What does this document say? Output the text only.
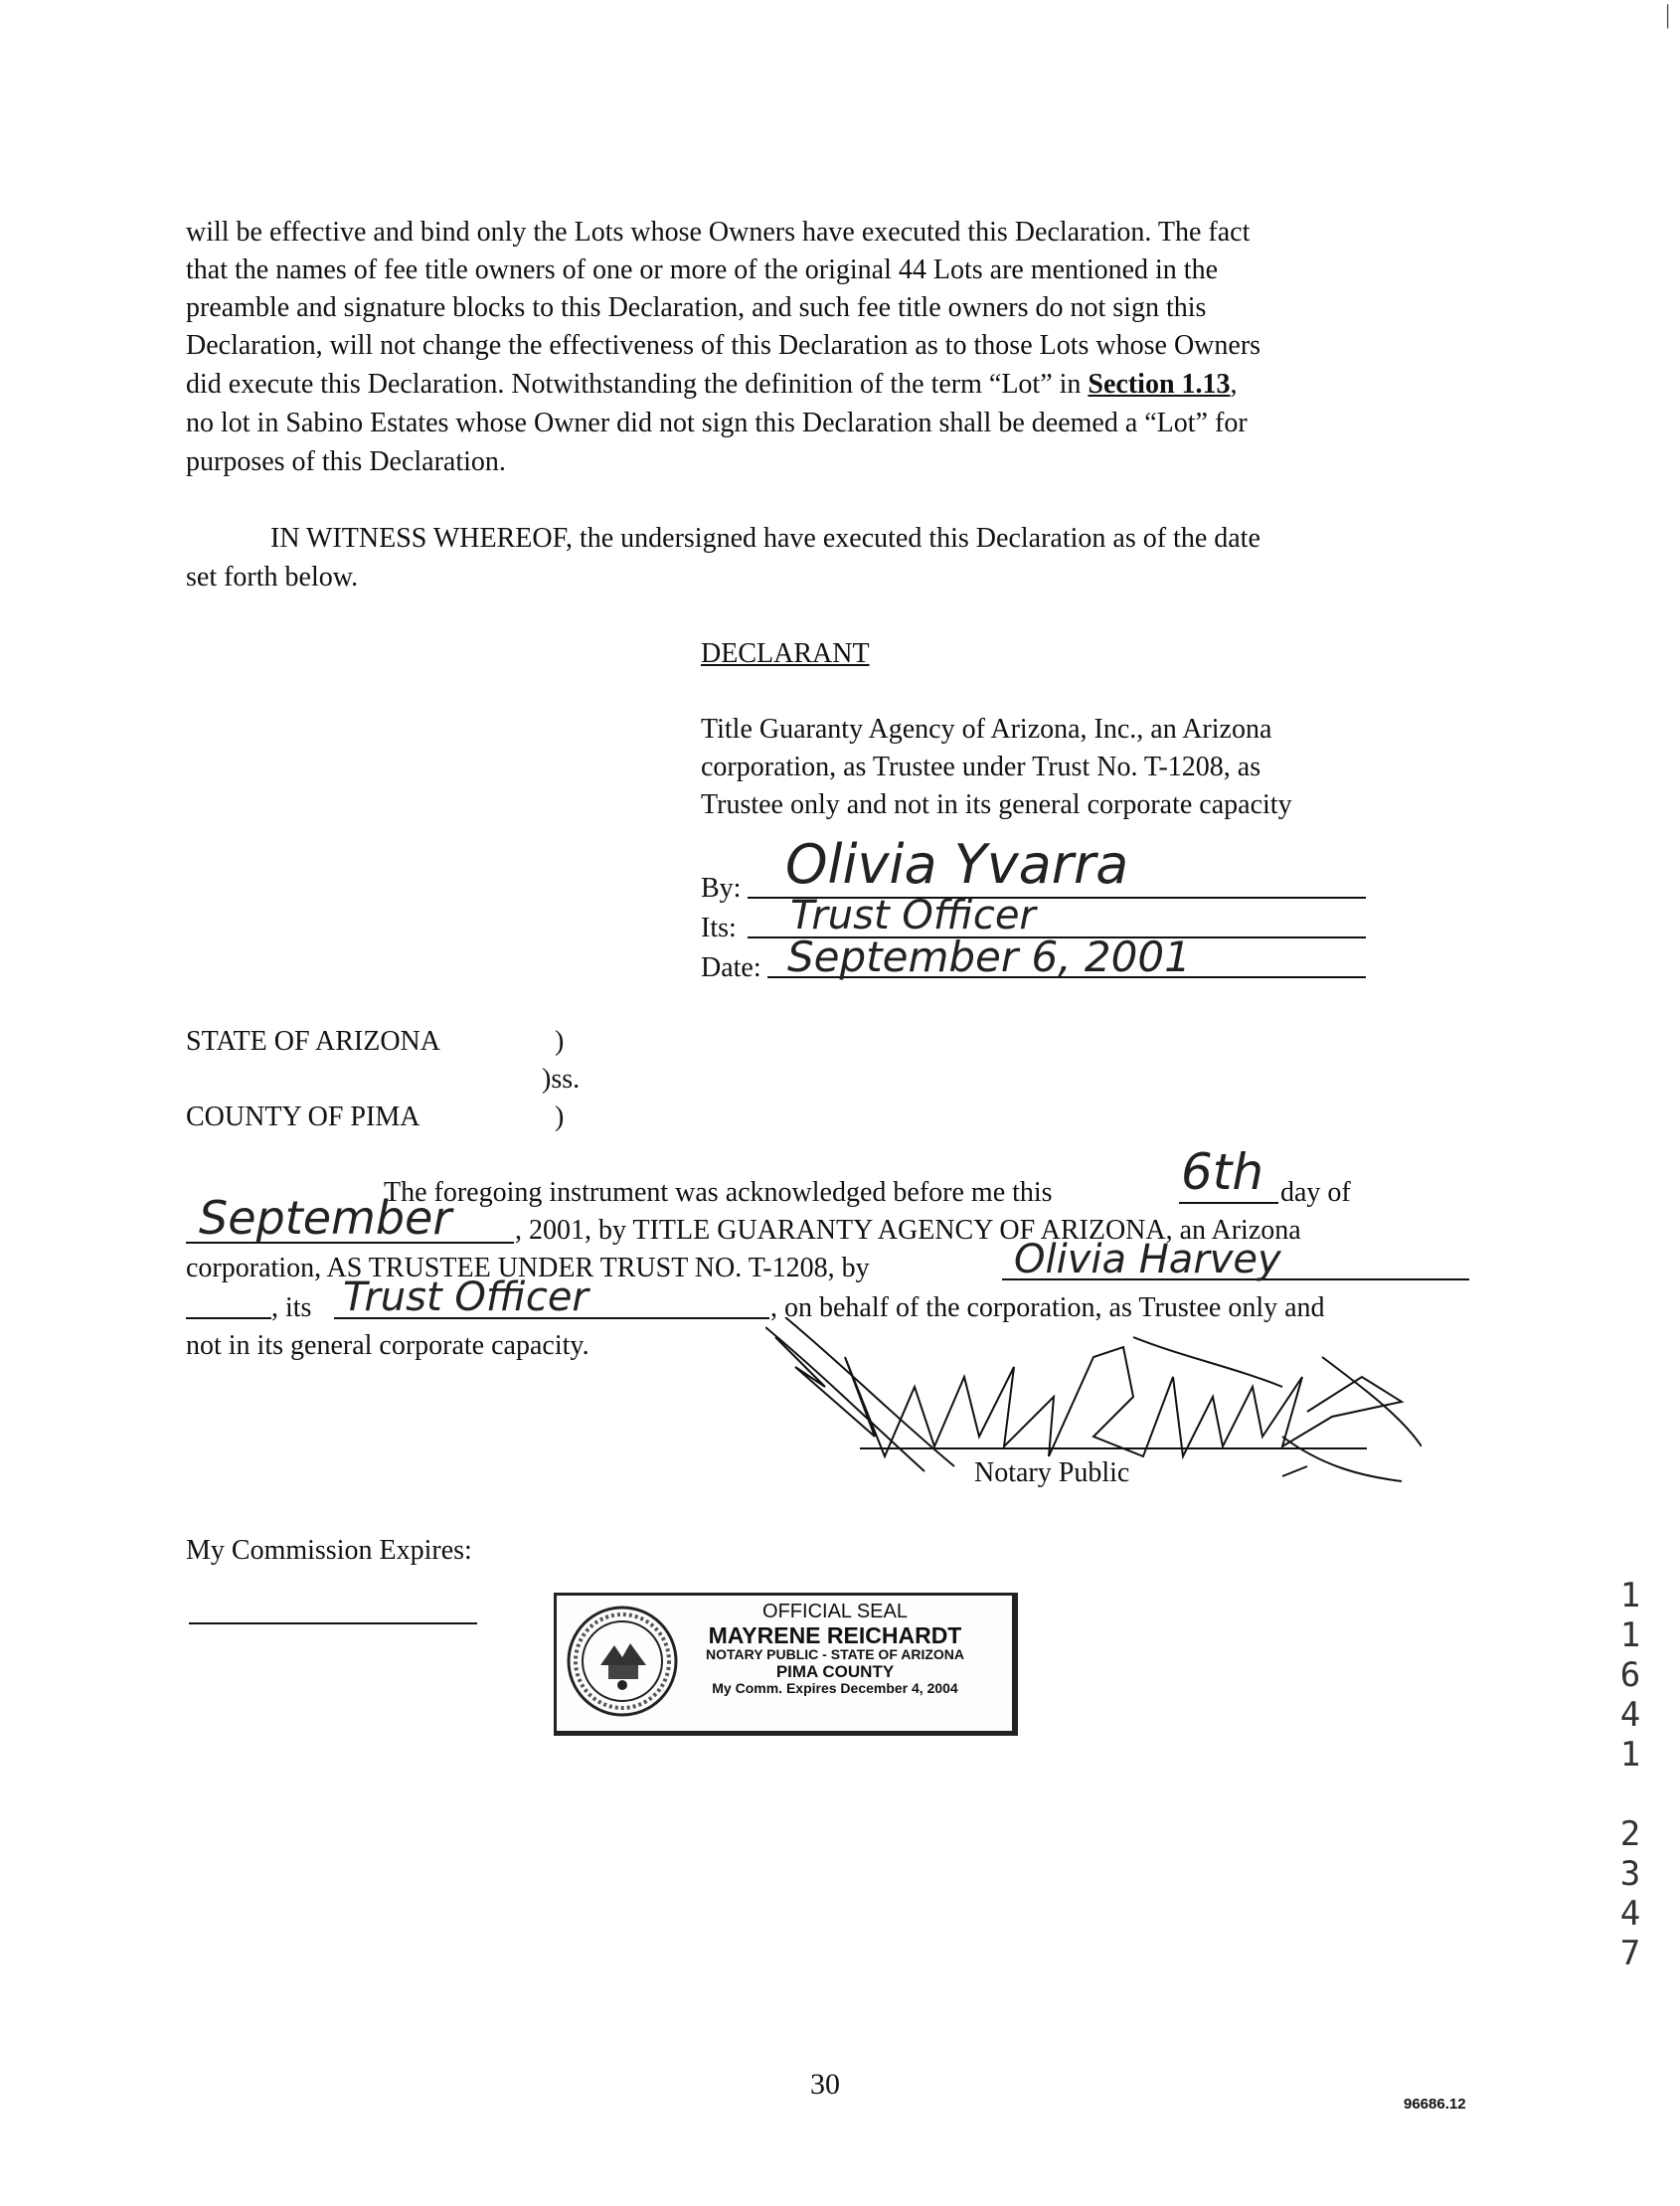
|
will be effective and bind only the Lots whose Owners have executed this Declaration. The fact
that the names of fee title owners of one or more of the original 44 Lots are mentioned in the
preamble and signature blocks to this Declaration, and such fee title owners do not sign this
Declaration, will not change the effectiveness of this Declaration as to those Lots whose Owners
did execute this Declaration. Notwithstanding the definition of the term “Lot” in Section 1.13,
no lot in Sabino Estates whose Owner did not sign this Declaration shall be deemed a “Lot” for
purposes of this Declaration.
IN WITNESS WHEREOF, the undersigned have executed this Declaration as of the date
set forth below.
DECLARANT
Title Guaranty Agency of Arizona, Inc., an Arizona
corporation, as Trustee under Trust No. T-1208, as
Trustee only and not in its general corporate capacity
By: Olivia Yvarra
Its: Trust Officer
Date: September 6, 2001
STATE OF ARIZONA	)
)ss.
COUNTY OF PIMA	)
The foregoing instrument was acknowledged before me this	6th day of
September , 2001, by TITLE GUARANTY AGENCY OF ARIZONA, an Arizona
corporation, AS TRUSTEE UNDER TRUST NO. T-1208, by	Olivia Harvey
, its Trust Officer	, on behalf of the corporation, as Trustee only and
not in its general corporate capacity.
Notary Public
My Commission Expires:
OFFICIAL SEAL
MAYRENE REICHARDT
NOTARY PUBLIC - STATE OF ARIZONA
PIMA COUNTY
My Comm. Expires December 4, 2004
1
1
6
4
1
2
3
4
7
30
96686.12
